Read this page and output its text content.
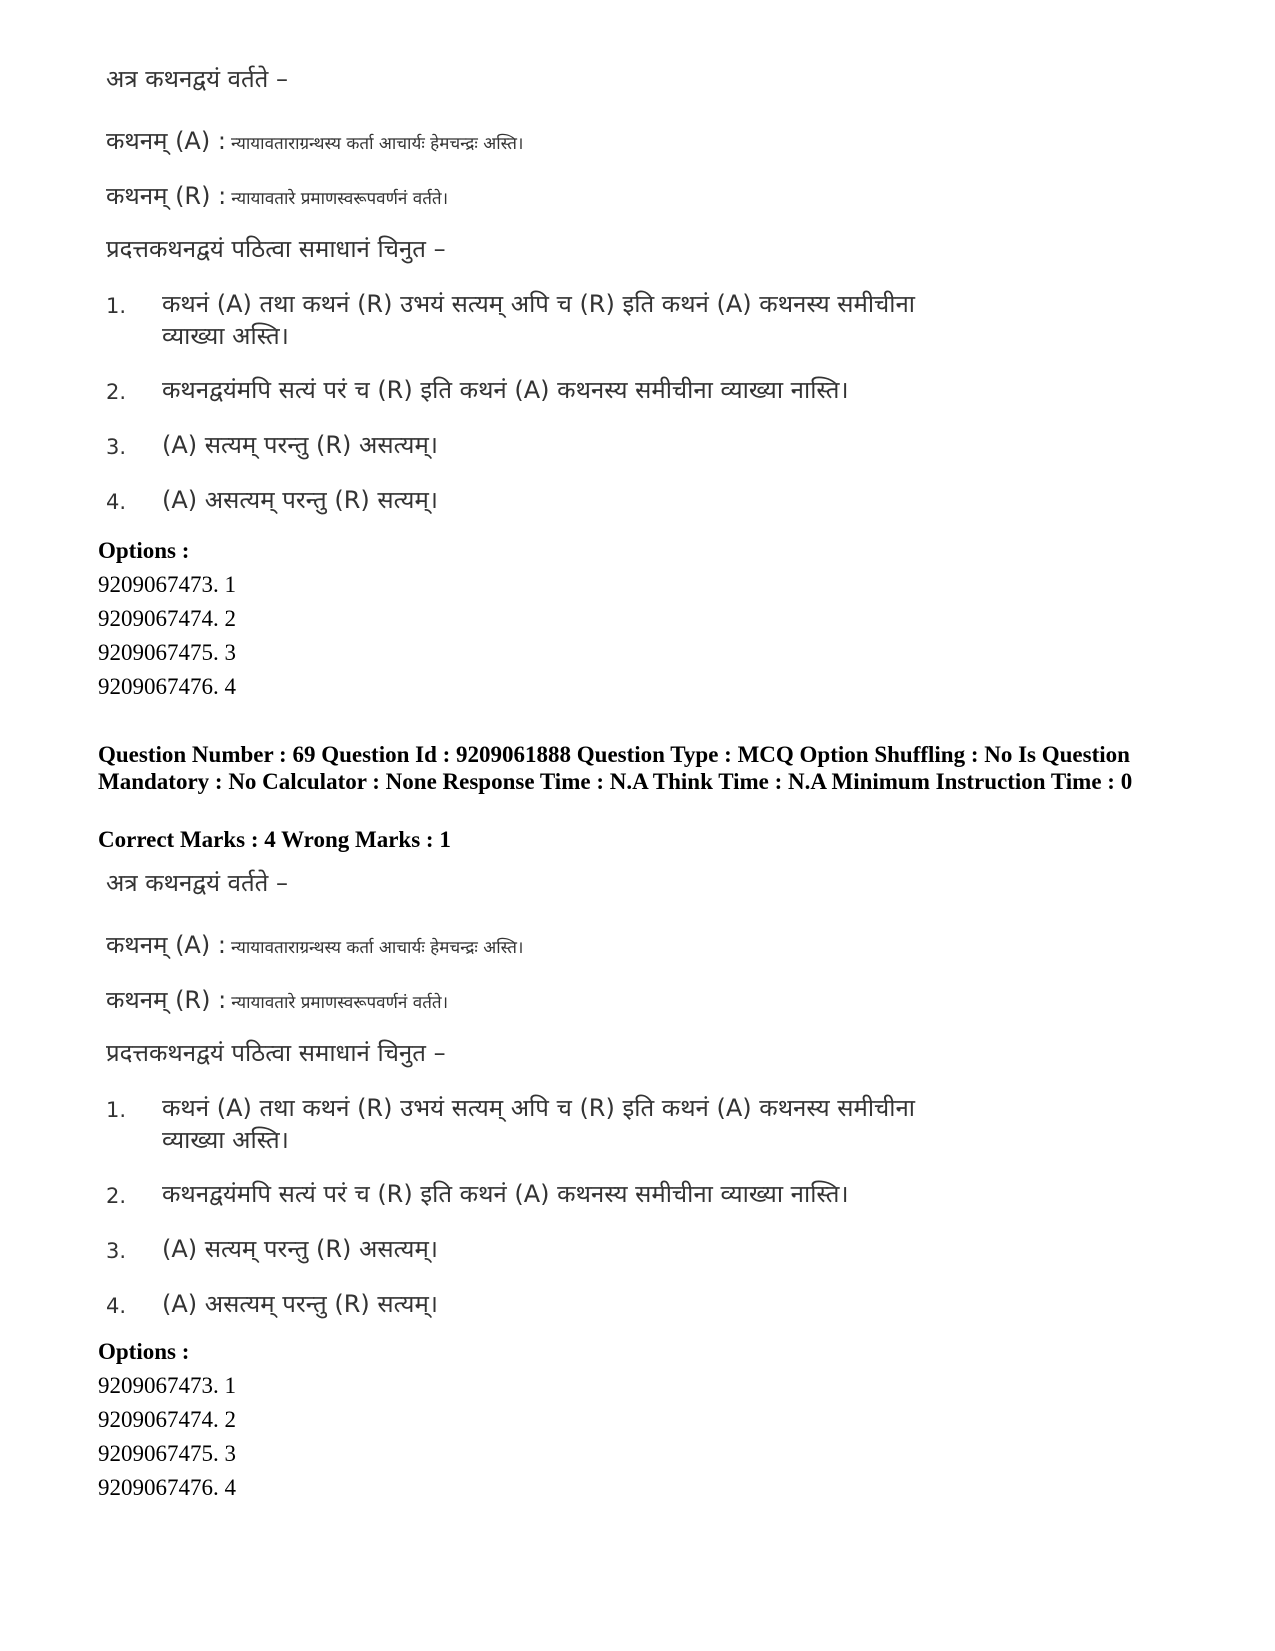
अत्र कथनद्वयं वर्तते –
कथनम् (A) : न्यायावताराग्रन्थस्य कर्ता आचार्यः हेमचन्द्रः अस्ति।
कथनम् (R) : न्यायावतारे प्रमाणस्वरूपवर्णनं वर्तते।
प्रदत्तकथनद्वयं पठित्वा समाधानं चिनुत –
1. कथनं (A) तथा कथनं (R) उभयं सत्यम् अपि च (R) इति कथनं (A) कथनस्य समीचीना व्याख्या अस्ति।
2. कथनद्वयंमपि सत्यं परं च (R) इति कथनं (A) कथनस्य समीचीना व्याख्या नास्ति।
3. (A) सत्यम् परन्तु (R) असत्यम्।
4. (A) असत्यम् परन्तु (R) सत्यम्।
Options :
9209067473. 1
9209067474. 2
9209067475. 3
9209067476. 4
Question Number : 69 Question Id : 9209061888 Question Type : MCQ Option Shuffling : No Is Question Mandatory : No Calculator : None Response Time : N.A Think Time : N.A Minimum Instruction Time : 0
Correct Marks : 4 Wrong Marks : 1
अत्र कथनद्वयं वर्तते –
कथनम् (A) : न्यायावताराग्रन्थस्य कर्ता आचार्यः हेमचन्द्रः अस्ति।
कथनम् (R) : न्यायावतारे प्रमाणस्वरूपवर्णनं वर्तते।
प्रदत्तकथनद्वयं पठित्वा समाधानं चिनुत –
1. कथनं (A) तथा कथनं (R) उभयं सत्यम् अपि च (R) इति कथनं (A) कथनस्य समीचीना व्याख्या अस्ति।
2. कथनद्वयंमपि सत्यं परं च (R) इति कथनं (A) कथनस्य समीचीना व्याख्या नास्ति।
3. (A) सत्यम् परन्तु (R) असत्यम्।
4. (A) असत्यम् परन्तु (R) सत्यम्।
Options :
9209067473. 1
9209067474. 2
9209067475. 3
9209067476. 4
